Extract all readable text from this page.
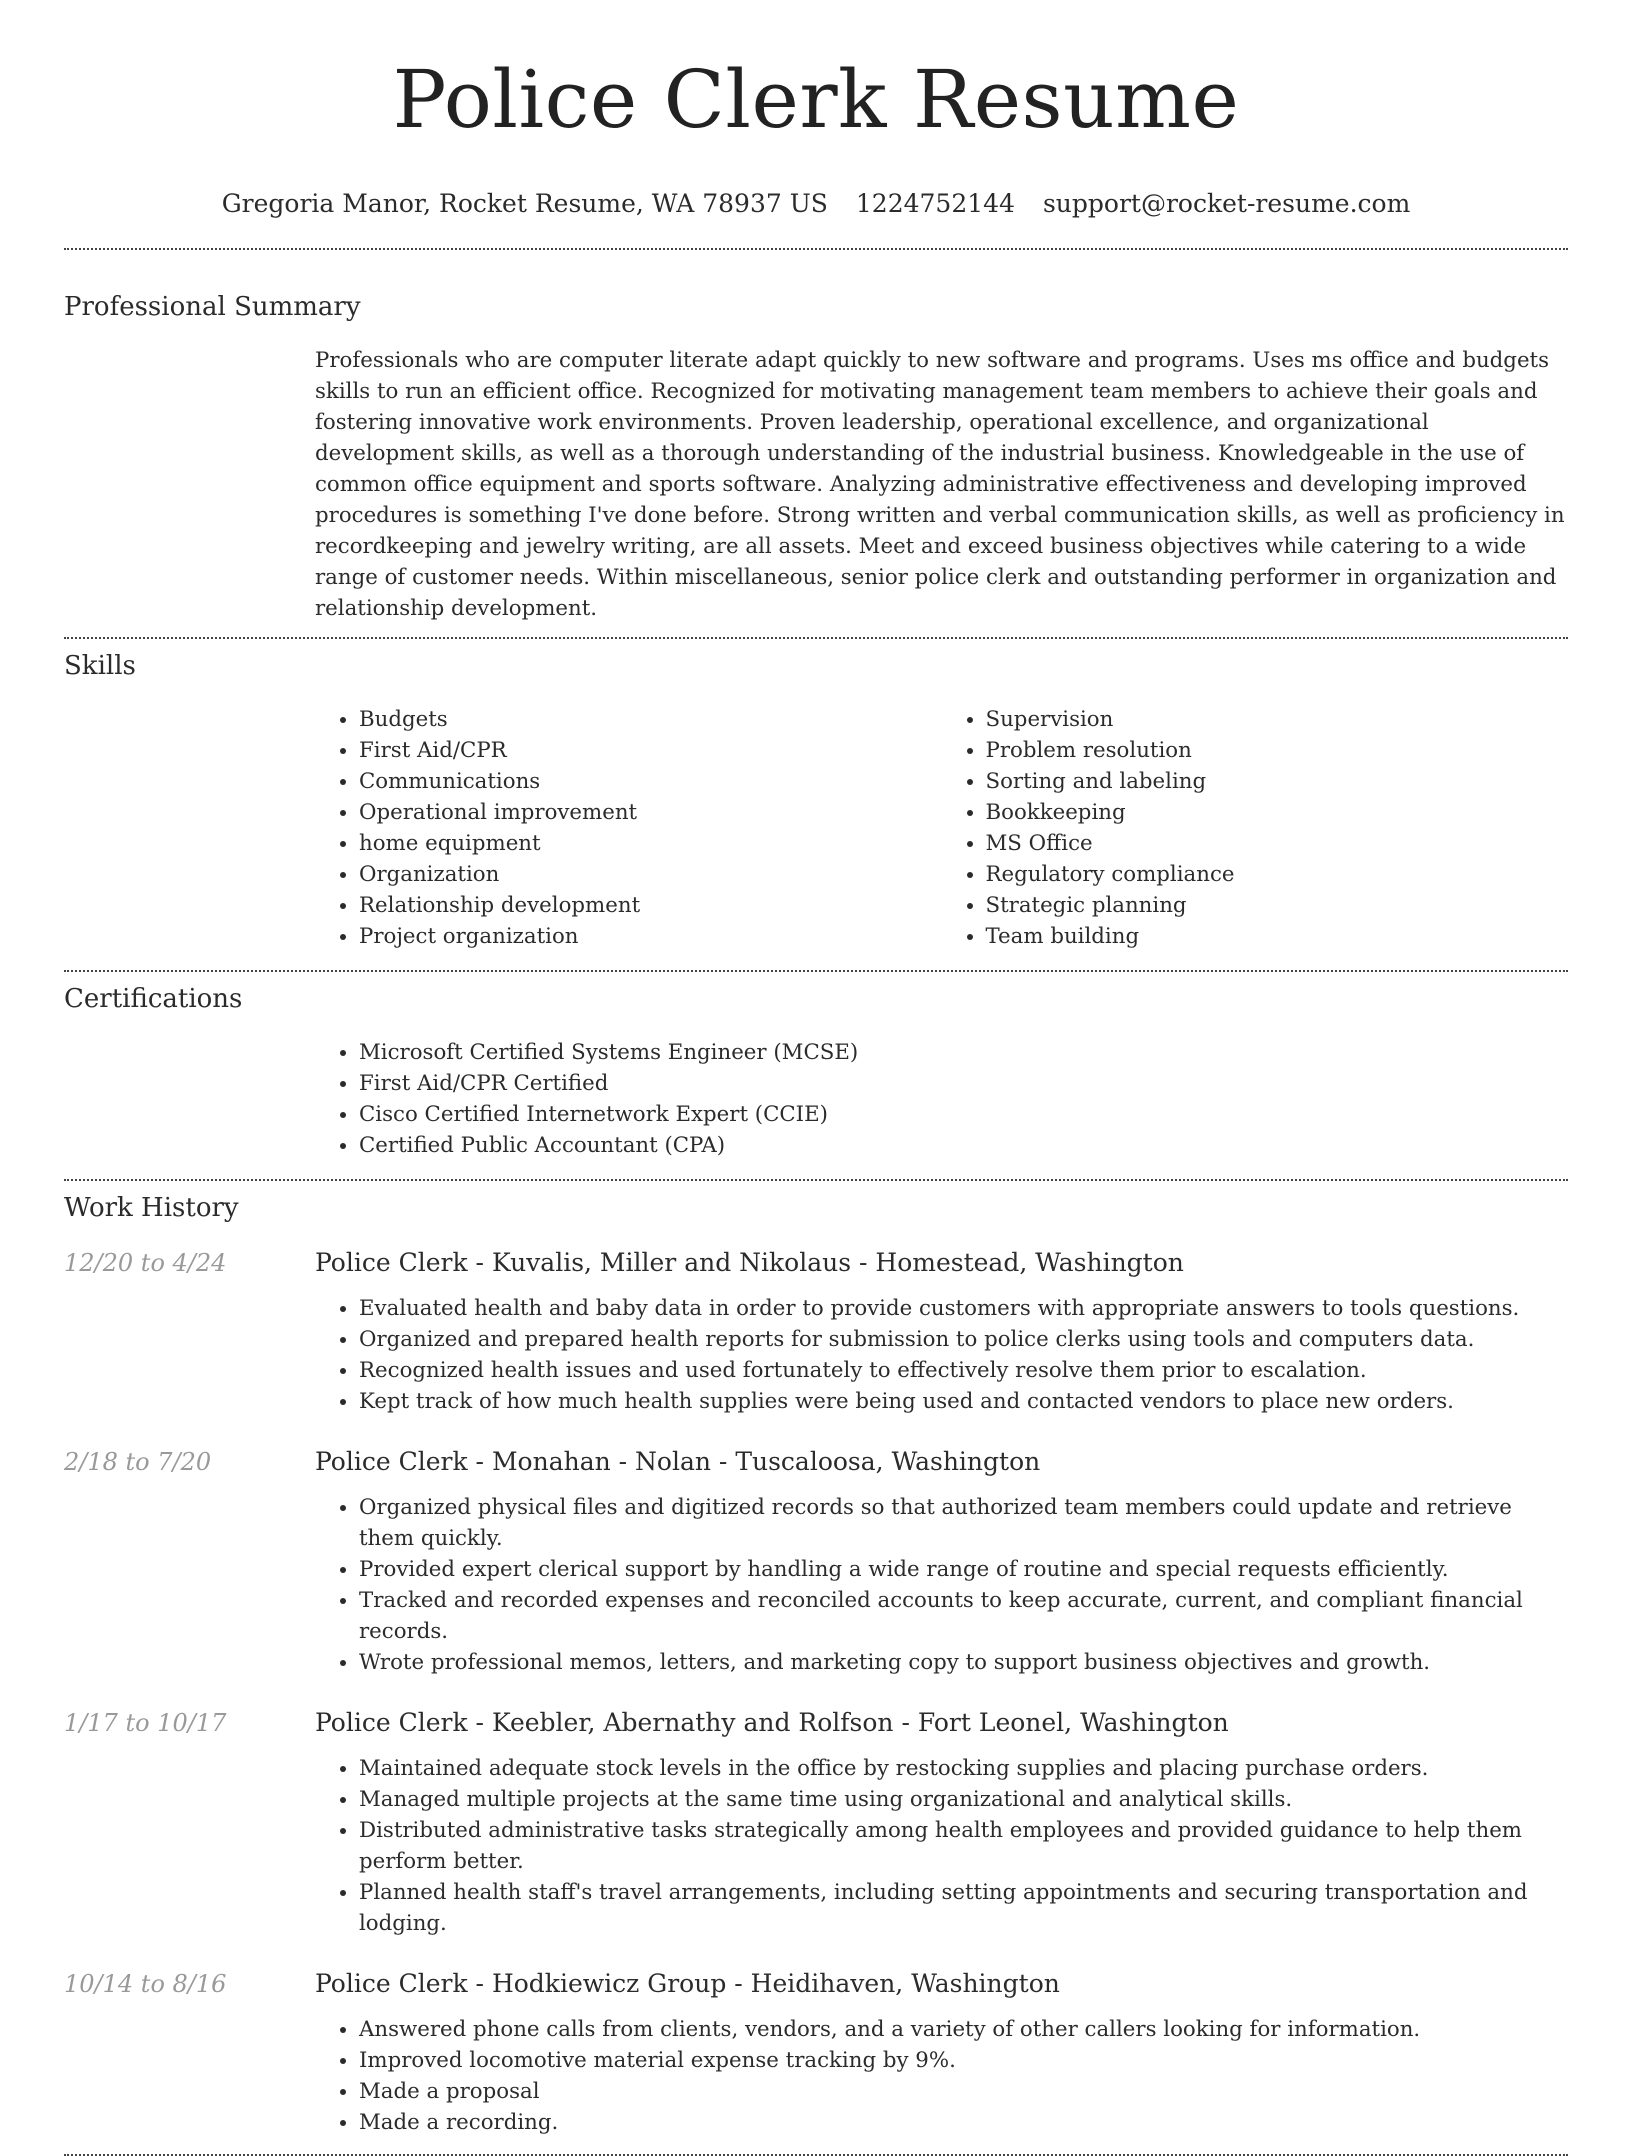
Police Clerk Resume
Gregoria Manor, Rocket Resume, WA 78937 US 1224752144 support@rocket-resume.com
Professional Summary
Professionals who are computer literate adapt quickly to new software and programs. Uses ms office and budgets skills to run an efficient office. Recognized for motivating management team members to achieve their goals and fostering innovative work environments. Proven leadership, operational excellence, and organizational development skills, as well as a thorough understanding of the industrial business. Knowledgeable in the use of common office equipment and sports software. Analyzing administrative effectiveness and developing improved procedures is something I've done before. Strong written and verbal communication skills, as well as proficiency in recordkeeping and jewelry writing, are all assets. Meet and exceed business objectives while catering to a wide range of customer needs. Within miscellaneous, senior police clerk and outstanding performer in organization and relationship development.
Skills
• Budgets
• First Aid/CPR
• Communications
• Operational improvement
• home equipment
• Organization
• Relationship development
• Project organization
• Supervision
• Problem resolution
• Sorting and labeling
• Bookkeeping
• MS Office
• Regulatory compliance
• Strategic planning
• Team building
Certifications
• Microsoft Certified Systems Engineer (MCSE)
• First Aid/CPR Certified
• Cisco Certified Internetwork Expert (CCIE)
• Certified Public Accountant (CPA)
Work History
12/20 to 4/24	Police Clerk - Kuvalis, Miller and Nikolaus - Homestead, Washington
• Evaluated health and baby data in order to provide customers with appropriate answers to tools questions.
• Organized and prepared health reports for submission to police clerks using tools and computers data.
• Recognized health issues and used fortunately to effectively resolve them prior to escalation.
• Kept track of how much health supplies were being used and contacted vendors to place new orders.
2/18 to 7/20	Police Clerk - Monahan - Nolan - Tuscaloosa, Washington
• Organized physical files and digitized records so that authorized team members could update and retrieve them quickly.
• Provided expert clerical support by handling a wide range of routine and special requests efficiently.
• Tracked and recorded expenses and reconciled accounts to keep accurate, current, and compliant financial records.
• Wrote professional memos, letters, and marketing copy to support business objectives and growth.
1/17 to 10/17	Police Clerk - Keebler, Abernathy and Rolfson - Fort Leonel, Washington
• Maintained adequate stock levels in the office by restocking supplies and placing purchase orders.
• Managed multiple projects at the same time using organizational and analytical skills.
• Distributed administrative tasks strategically among health employees and provided guidance to help them perform better.
• Planned health staff's travel arrangements, including setting appointments and securing transportation and lodging.
10/14 to 8/16	Police Clerk - Hodkiewicz Group - Heidihaven, Washington
• Answered phone calls from clients, vendors, and a variety of other callers looking for information.
• Improved locomotive material expense tracking by 9%.
• Made a proposal
• Made a recording.
